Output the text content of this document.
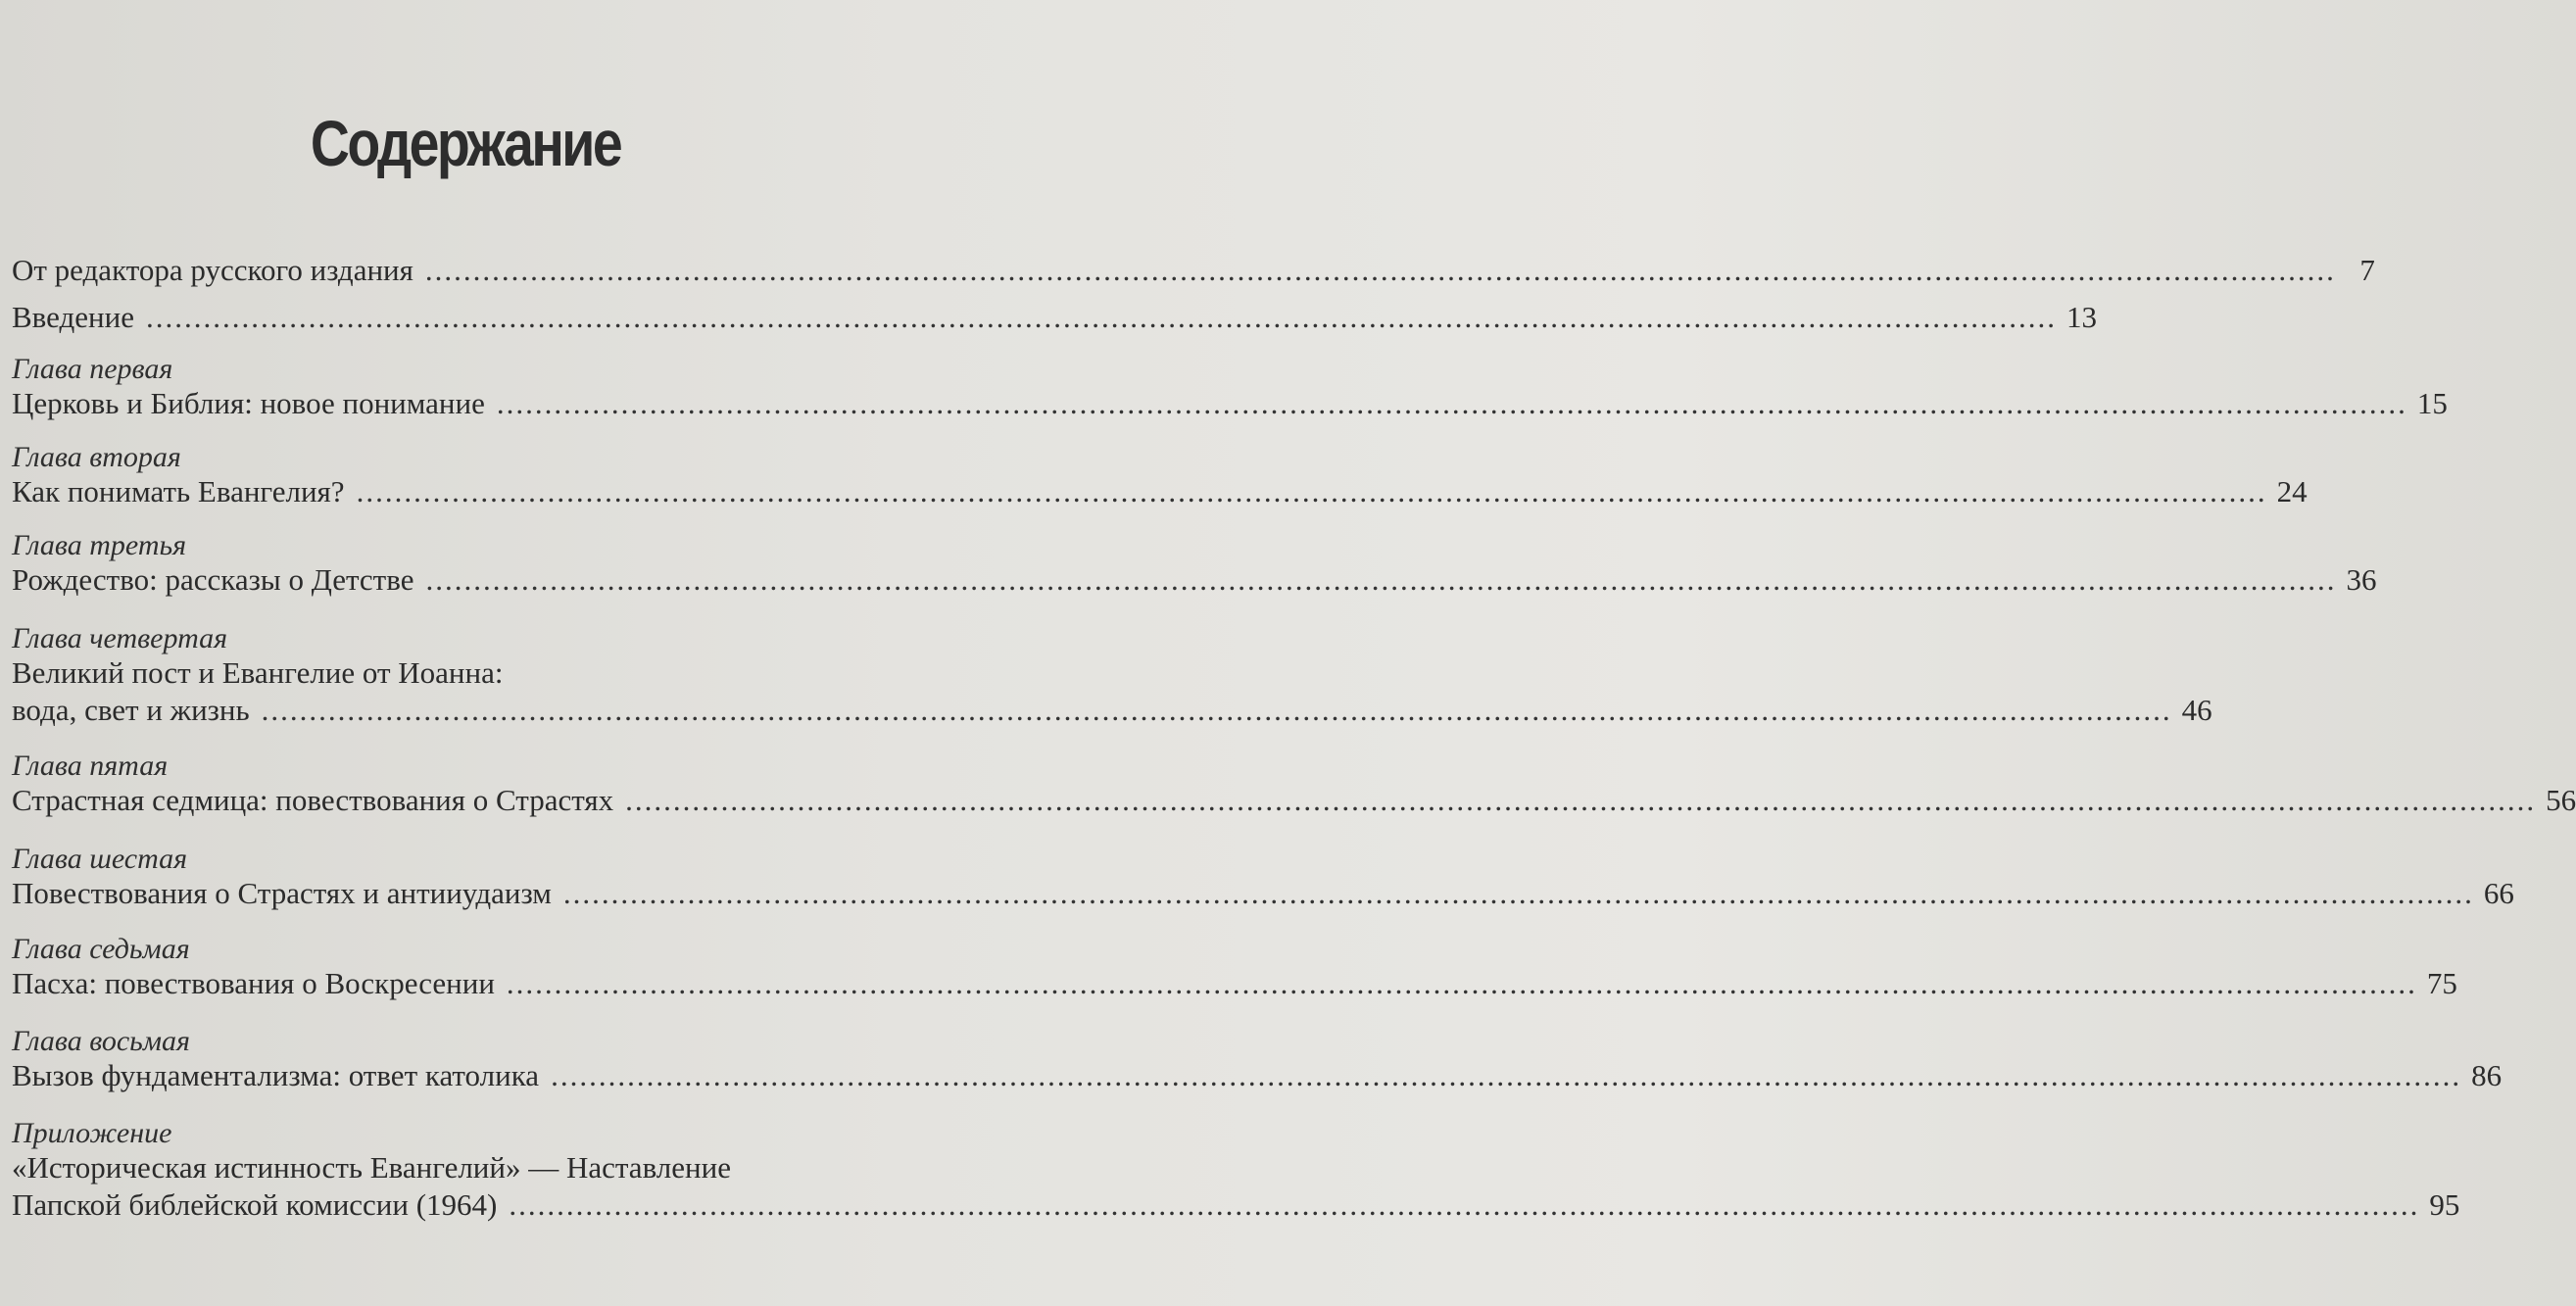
Содержание
От редактора русского издания ........................................................................................................................................................................................................ 7
Введение ........................................................................................................................................................................................................ 13
Глава первая
Церковь и Библия: новое понимание ........................................................................................................................................................................................................ 15
Глава вторая
Как понимать Евангелия? ........................................................................................................................................................................................................ 24
Глава третья
Рождество: рассказы о Детстве ........................................................................................................................................................................................................ 36
Глава четвертая
Великий пост и Евангелие от Иоанна:
вода, свет и жизнь ........................................................................................................................................................................................................ 46
Глава пятая
Страстная седмица: повествования о Страстях ........................................................................................................................................................................................................ 56
Глава шестая
Повествования о Страстях и антииудаизм ........................................................................................................................................................................................................ 66
Глава седьмая
Пасха: повествования о Воскресении ........................................................................................................................................................................................................ 75
Глава восьмая
Вызов фундаментализма: ответ католика ........................................................................................................................................................................................................ 86
Приложение
«Историческая истинность Евангелий» — Наставление
Папской библейской комиссии (1964) ........................................................................................................................................................................................................ 95
